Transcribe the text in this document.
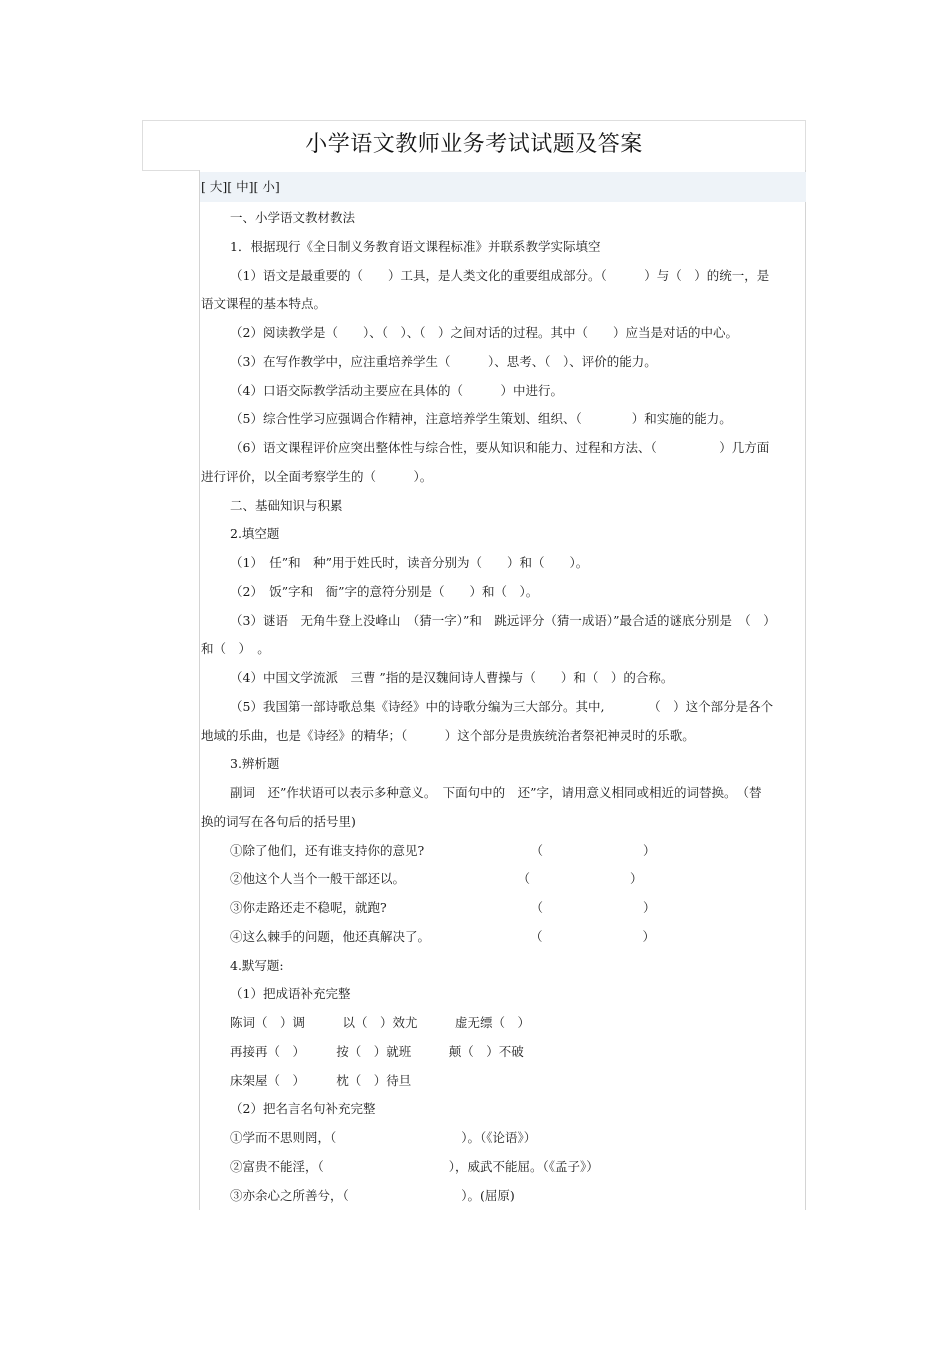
小学语文教师业务考试试题及答案
[ 大][ 中][ 小]
一、小学语文教材教法
1．根据现行《全日制义务教育语文课程标准》并联系教学实际填空
（1）语文是最重要的（　　）工具，是人类文化的重要组成部分。（　　　）与（　）的统一，是
语文课程的基本特点。
（2）阅读教学是（　　）、（　）、（　）之间对话的过程。其中（　　）应当是对话的中心。
（3）在写作教学中，应注重培养学生（　　　）、思考、（　）、评价的能力。
（4）口语交际教学活动主要应在具体的（　　　）中进行。
（5）综合性学习应强调合作精神，注意培养学生策划、组织、（　　　　）和实施的能力。
（6）语文课程评价应突出整体性与综合性，要从知识和能力、过程和方法、（　　　　　）几方面
进行评价，以全面考察学生的（　　　）。
二、基础知识与积累
2.填空题
（1）　任”和　种”用于姓氏时，读音分别为（　　）和（　　）。
（2）　饭”字和　衙”字的意符分别是（　　）和（　）。
（3）谜语　无角牛登上没峰山　（猜一字）”和　跳远评分（猜一成语）”最合适的谜底分别是　（　）
和（　）　。
（4）中国文学流派　三曹 ”指的是汉魏间诗人曹操与（　　）和（　）的合称。
（5）我国第一部诗歌总集《诗经》中的诗歌分编为三大部分。其中,　　　　（　）这个部分是各个
地域的乐曲，也是《诗经》的精华；（　　　）这个部分是贵族统治者祭祀神灵时的乐歌。
3.辨析题
副词　还”作状语可以表示多种意义。　下面句中的　还”字，请用意义相同或相近的词替换。　（替
换的词写在各句后的括号里)
①除了他们，还有谁支持你的意见?　　　　　　　　　（　　　　　　　　）
②他这个人当个一般干部还以。　　　　　　　　　　（　　　　　　　　）
③你走路还走不稳呢，就跑?　　　　　　　　　　　　（　　　　　　　　）
④这么棘手的问题，他还真解决了。　　　　　　　　　（　　　　　　　　）
4.默写题:
（1）把成语补充完整
陈词（　）调　　　以（　）效尤　　　虚无缥（　）
再接再（　）　　　按（　）就班　　　颠（　）不破
床架屋（　）　　　枕（　）待旦
（2）把名言名句补充完整
①学而不思则罔，（　　　　　　　　　　）。（《论语》）
②富贵不能淫，（　　　　　　　　　　），威武不能屈。（《孟子》）
③亦余心之所善兮，（　　　　　　　　　）。(屈原)
